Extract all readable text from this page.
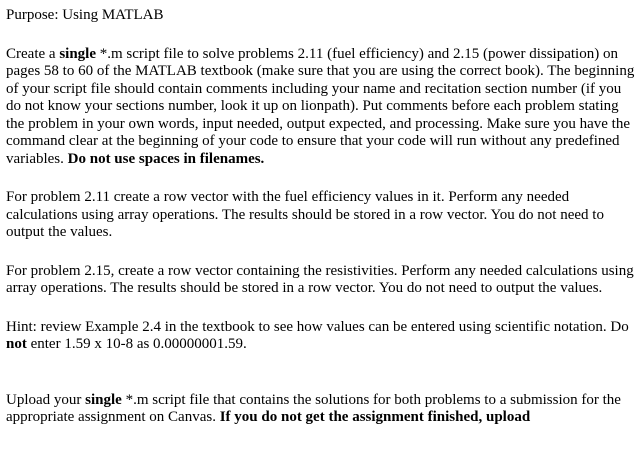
Purpose: Using MATLAB

Create a single *.m script file to solve problems 2.11 (fuel efficiency) and 2.15 (power dissipation) on pages 58 to 60 of the MATLAB textbook (make sure that you are using the correct book). The beginning of your script file should contain comments including your name and recitation section number (if you do not know your sections number, look it up on lionpath). Put comments before each problem stating the problem in your own words, input needed, output expected, and processing. Make sure you have the command clear at the beginning of your code to ensure that your code will run without any predefined variables. Do not use spaces in filenames.

For problem 2.11 create a row vector with the fuel efficiency values in it. Perform any needed calculations using array operations. The results should be stored in a row vector. You do not need to output the values.

For problem 2.15, create a row vector containing the resistivities. Perform any needed calculations using array operations. The results should be stored in a row vector. You do not need to output the values.

Hint: review Example 2.4 in the textbook to see how values can be entered using scientific notation. Do not enter 1.59 x 10-8 as 0.00000001.59.

Upload your single *.m script file that contains the solutions for both problems to a submission for the appropriate assignment on Canvas. If you do not get the assignment finished, upload
